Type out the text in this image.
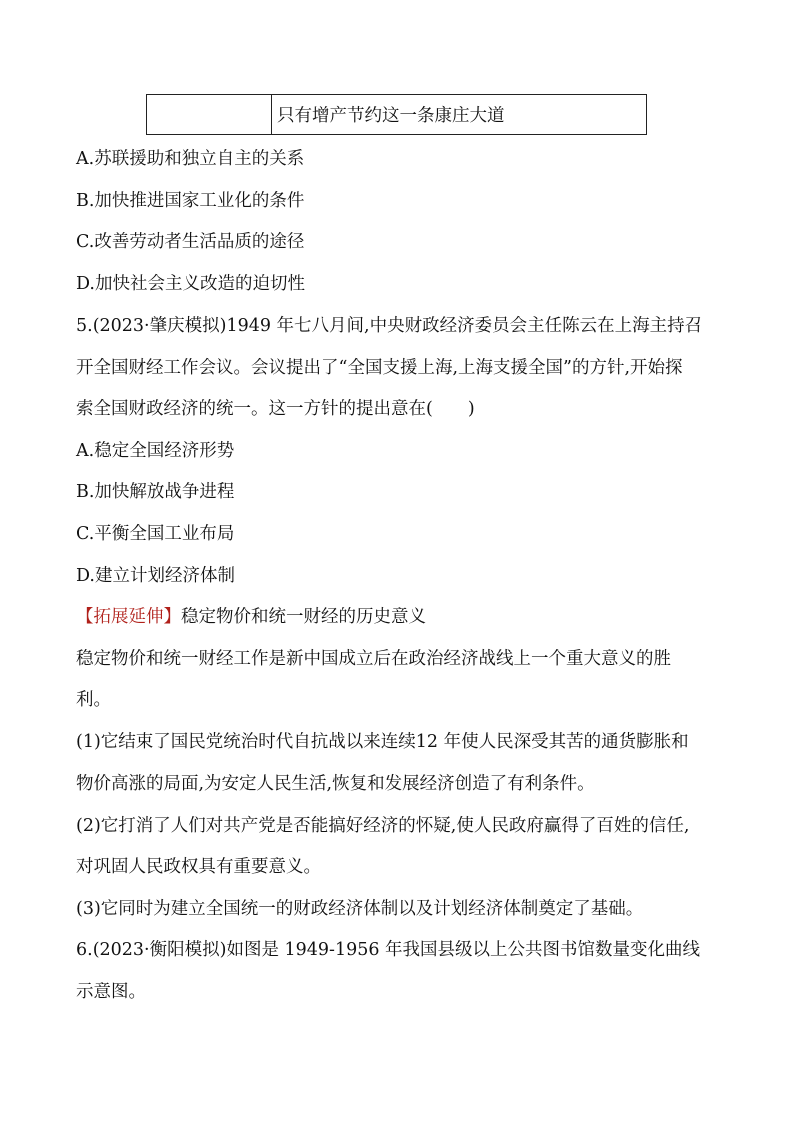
	只有增产节约这一条康庄大道
A.苏联援助和独立自主的关系
B.加快推进国家工业化的条件
C.改善劳动者生活品质的途径
D.加快社会主义改造的迫切性
5.(2023·肇庆模拟)1949 年七八月间,中央财政经济委员会主任陈云在上海主持召
开全国财经工作会议。会议提出了“全国支援上海,上海支援全国”的方针,开始探
索全国财政经济的统一。这一方针的提出意在(　　)
A.稳定全国经济形势
B.加快解放战争进程
C.平衡全国工业布局
D.建立计划经济体制
【拓展延伸】稳定物价和统一财经的历史意义
稳定物价和统一财经工作是新中国成立后在政治经济战线上一个重大意义的胜
利。
(1)它结束了国民党统治时代自抗战以来连续12 年使人民深受其苦的通货膨胀和
物价高涨的局面,为安定人民生活,恢复和发展经济创造了有利条件。
(2)它打消了人们对共产党是否能搞好经济的怀疑,使人民政府赢得了百姓的信任,
对巩固人民政权具有重要意义。
(3)它同时为建立全国统一的财政经济体制以及计划经济体制奠定了基础。
6.(2023·衡阳模拟)如图是 1949-1956 年我国县级以上公共图书馆数量变化曲线
示意图。
